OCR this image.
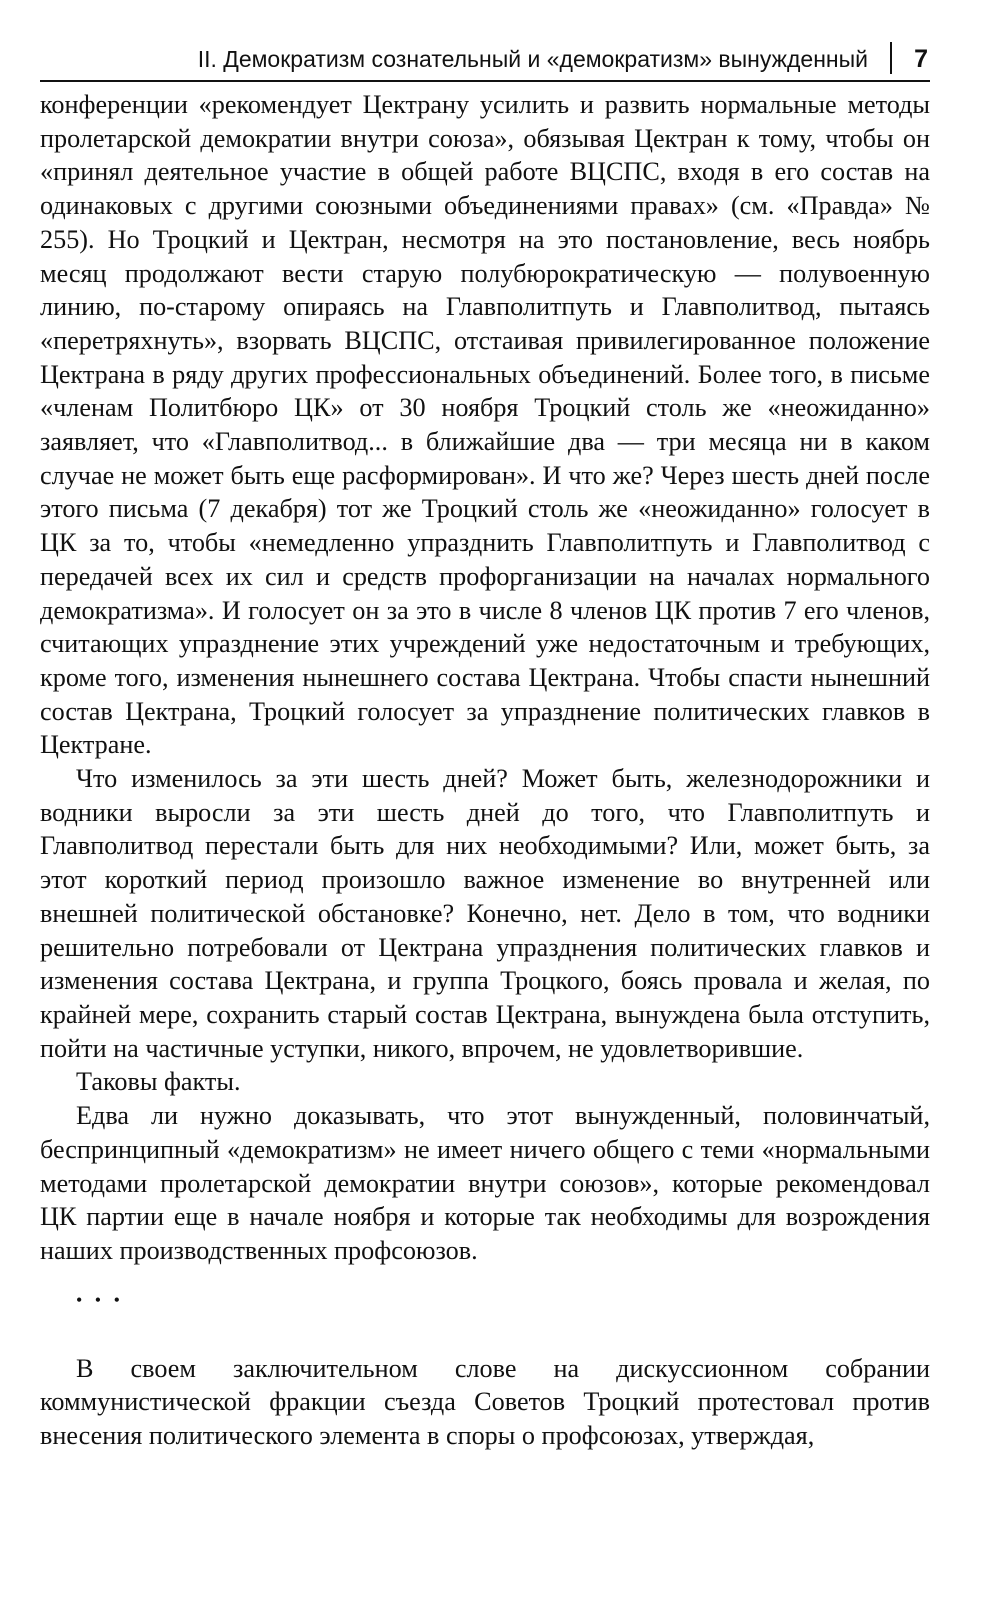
II. Демократизм сознательный и «демократизм» вынужденный 7

конференции «рекомендует Цектрану усилить и развить нормальные методы пролетарской демократии внутри союза», обязывая Цектран к тому, чтобы он «принял деятельное участие в общей работе ВЦСПС, входя в его состав на одинаковых с другими союзными объединениями правах» (см. «Правда» № 255). Но Троцкий и Цектран, несмотря на это постановление, весь ноябрь месяц продолжают вести старую полубюрократическую — полувоенную линию, по-старому опираясь на Главполитпуть и Главполитвод, пытаясь «перетряхнуть», взорвать ВЦСПС, отстаивая привилегированное положение Цектрана в ряду других профессиональных объединений. Более того, в письме «членам Политбюро ЦК» от 30 ноября Троцкий столь же «неожиданно» заявляет, что «Главполитвод... в ближайшие два — три месяца ни в каком случае не может быть еще расформирован». И что же? Через шесть дней после этого письма (7 декабря) тот же Троцкий столь же «неожиданно» голосует в ЦК за то, чтобы «немедленно упразднить Главполитпуть и Главполитвод с передачей всех их сил и средств профорганизации на началах нормального демократизма». И голосует он за это в числе 8 членов ЦК против 7 его членов, считающих упразднение этих учреждений уже недостаточным и требующих, кроме того, изменения нынешнего состава Цектрана. Чтобы спасти нынешний состав Цектрана, Троцкий голосует за упразднение политических главков в Цектране.

Что изменилось за эти шесть дней? Может быть, железнодорожники и водники выросли за эти шесть дней до того, что Главполитпуть и Главполитвод перестали быть для них необходимыми? Или, может быть, за этот короткий период произошло важное изменение во внутренней или внешней политической обстановке? Конечно, нет. Дело в том, что водники решительно потребовали от Цектрана упразднения политических главков и изменения состава Цектрана, и группа Троцкого, боясь провала и желая, по крайней мере, сохранить старый состав Цектрана, вынуждена была отступить, пойти на частичные уступки, никого, впрочем, не удовлетворившие.

Таковы факты.

Едва ли нужно доказывать, что этот вынужденный, половинчатый, беспринципный «демократизм» не имеет ничего общего с теми «нормальными методами пролетарской демократии внутри союзов», которые рекомендовал ЦК партии еще в начале ноября и которые так необходимы для возрождения наших производственных профсоюзов.

• • •

В своем заключительном слове на дискуссионном собрании коммунистической фракции съезда Советов Троцкий протестовал против внесения политического элемента в споры о профсоюзах, утверждая,
